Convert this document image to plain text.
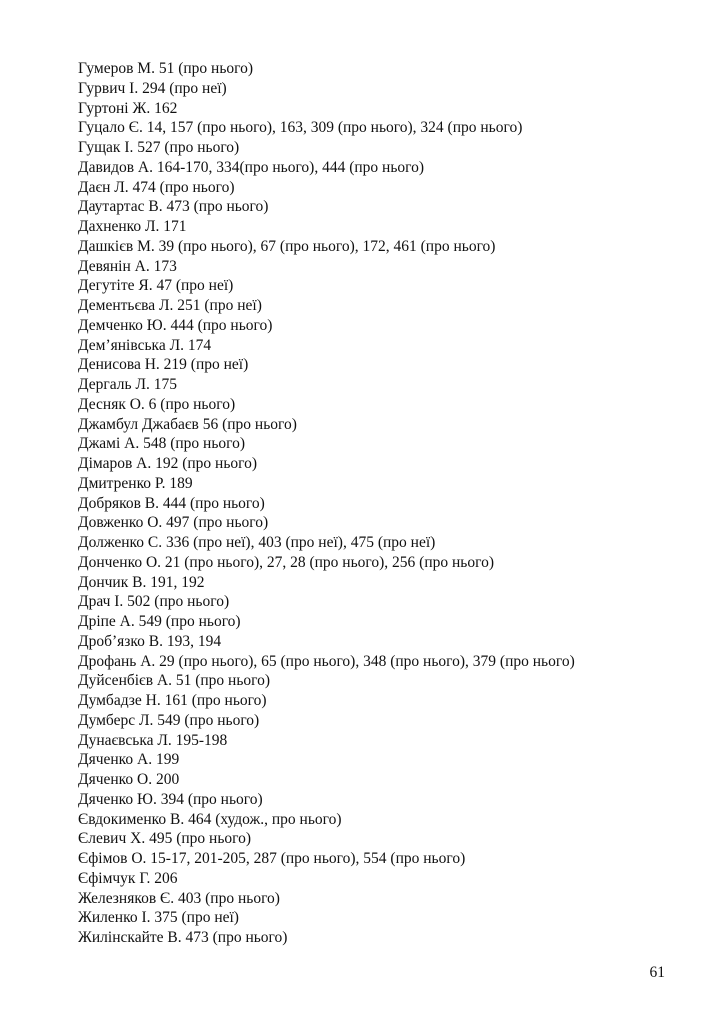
Гумеров М. 51 (про нього)
Гурвич І. 294 (про неї)
Гуртоні Ж. 162
Гуцало Є. 14, 157 (про нього), 163, 309 (про нього), 324 (про нього)
Гущак І. 527 (про нього)
Давидов А. 164-170, 334(про нього), 444 (про нього)
Даєн Л. 474 (про нього)
Даутартас В. 473 (про нього)
Дахненко Л. 171
Дашкієв М. 39 (про нього), 67 (про нього), 172, 461 (про нього)
Девянін А. 173
Дегутіте Я. 47 (про неї)
Дементьєва Л. 251 (про неї)
Демченко Ю. 444 (про нього)
Дем’янівська Л. 174
Денисова Н. 219 (про неї)
Дергаль Л. 175
Десняк О. 6 (про нього)
Джамбул Джабаєв 56 (про нього)
Джамі А. 548 (про нього)
Дімаров А. 192 (про нього)
Дмитренко Р. 189
Добряков В. 444 (про нього)
Довженко О. 497 (про нього)
Долженко С. 336 (про неї), 403 (про неї), 475 (про неї)
Донченко О. 21 (про нього), 27, 28 (про нього), 256 (про нього)
Дончик В. 191, 192
Драч І. 502 (про нього)
Дріпе А. 549 (про нього)
Дроб’язко В. 193, 194
Дрофань А. 29 (про нього), 65 (про нього), 348 (про нього), 379 (про нього)
Дуйсенбієв А. 51 (про нього)
Думбадзе Н. 161 (про нього)
Думберс Л. 549 (про нього)
Дунаєвська Л. 195-198
Дяченко А. 199
Дяченко О. 200
Дяченко Ю. 394 (про нього)
Євдокименко В. 464 (худож., про нього)
Єлевич Х. 495 (про нього)
Єфімов О. 15-17, 201-205, 287 (про нього), 554 (про нього)
Єфімчук Г. 206
Железняков Є. 403 (про нього)
Жиленко І. 375 (про неї)
Жилінскайте В. 473 (про нього)
61
